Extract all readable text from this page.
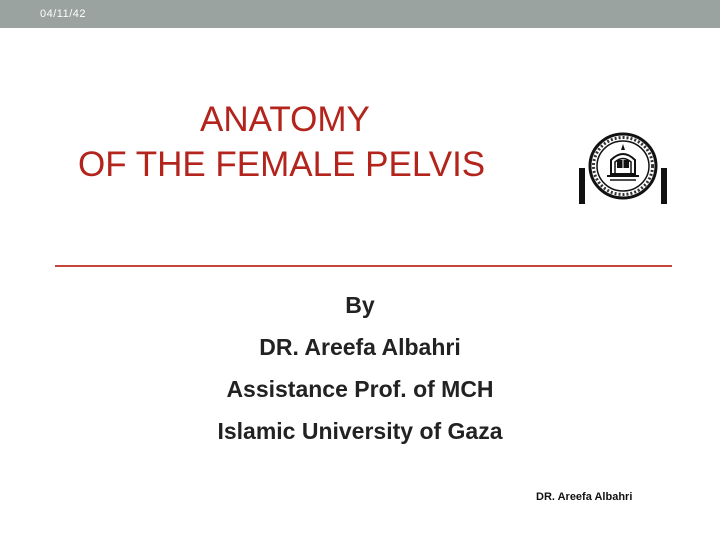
04/11/42
ANATOMY
OF THE FEMALE PELVIS
By
DR. Areefa Albahri
Assistance Prof. of MCH
Islamic University of Gaza
DR. Areefa Albahri
